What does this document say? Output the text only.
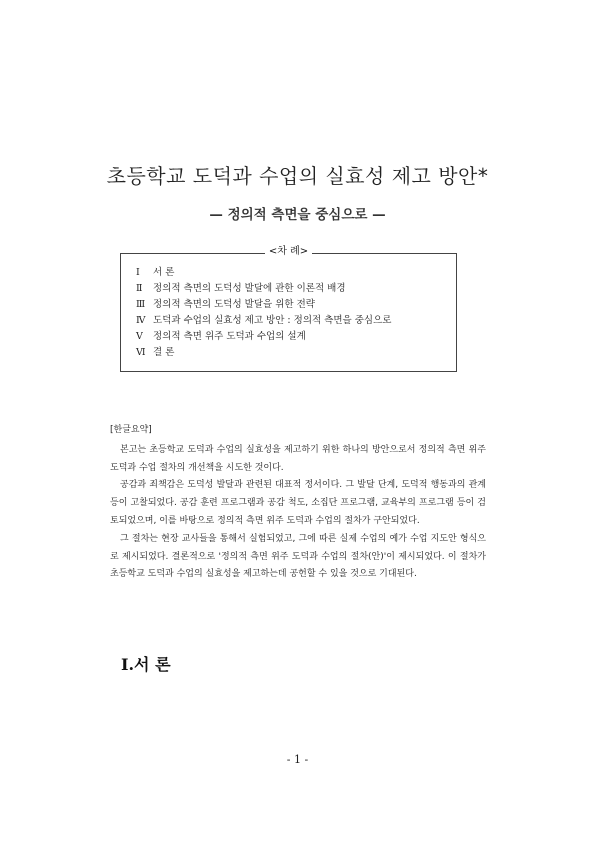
초등학교 도덕과 수업의 실효성 제고 방안*
— 정의적 측면을 중심으로 —
<차 례>
Ⅰ 서 론
Ⅱ 정의적 측면의 도덕성 발달에 관한 이론적 배경
Ⅲ 정의적 측면의 도덕성 발달을 위한 전략
Ⅳ 도덕과 수업의 실효성 제고 방안 : 정의적 측면을 중심으로
Ⅴ 정의적 측면 위주 도덕과 수업의 설계
Ⅵ 결 론

[한글요약]

본고는 초등학교 도덕과 수업의 실효성을 제고하기 위한 하나의 방안으로서 정의적 측면 위주 도덕과 수업 절차의 개선책을 시도한 것이다.

공감과 죄책감은 도덕성 발달과 관련된 대표적 정서이다. 그 발달 단계, 도덕적 행동과의 관계 등이 고찰되었다. 공감 훈련 프로그램과 공감 척도, 소집단 프로그램, 교육부의 프로그램 등이 검토되었으며, 이를 바탕으로 정의적 측면 위주 도덕과 수업의 절차가 구안되었다.

그 절차는 현장 교사들을 통해서 실험되었고, 그에 따른 실제 수업의 예가 수업 지도안 형식으로 제시되었다. 결론적으로 '정의적 측면 위주 도덕과 수업의 절차(안)'이 제시되었다. 이 절차가 초등학교 도덕과 수업의 실효성을 제고하는데 공헌할 수 있을 것으로 기대된다.

Ⅰ.서 론
- 1 -
